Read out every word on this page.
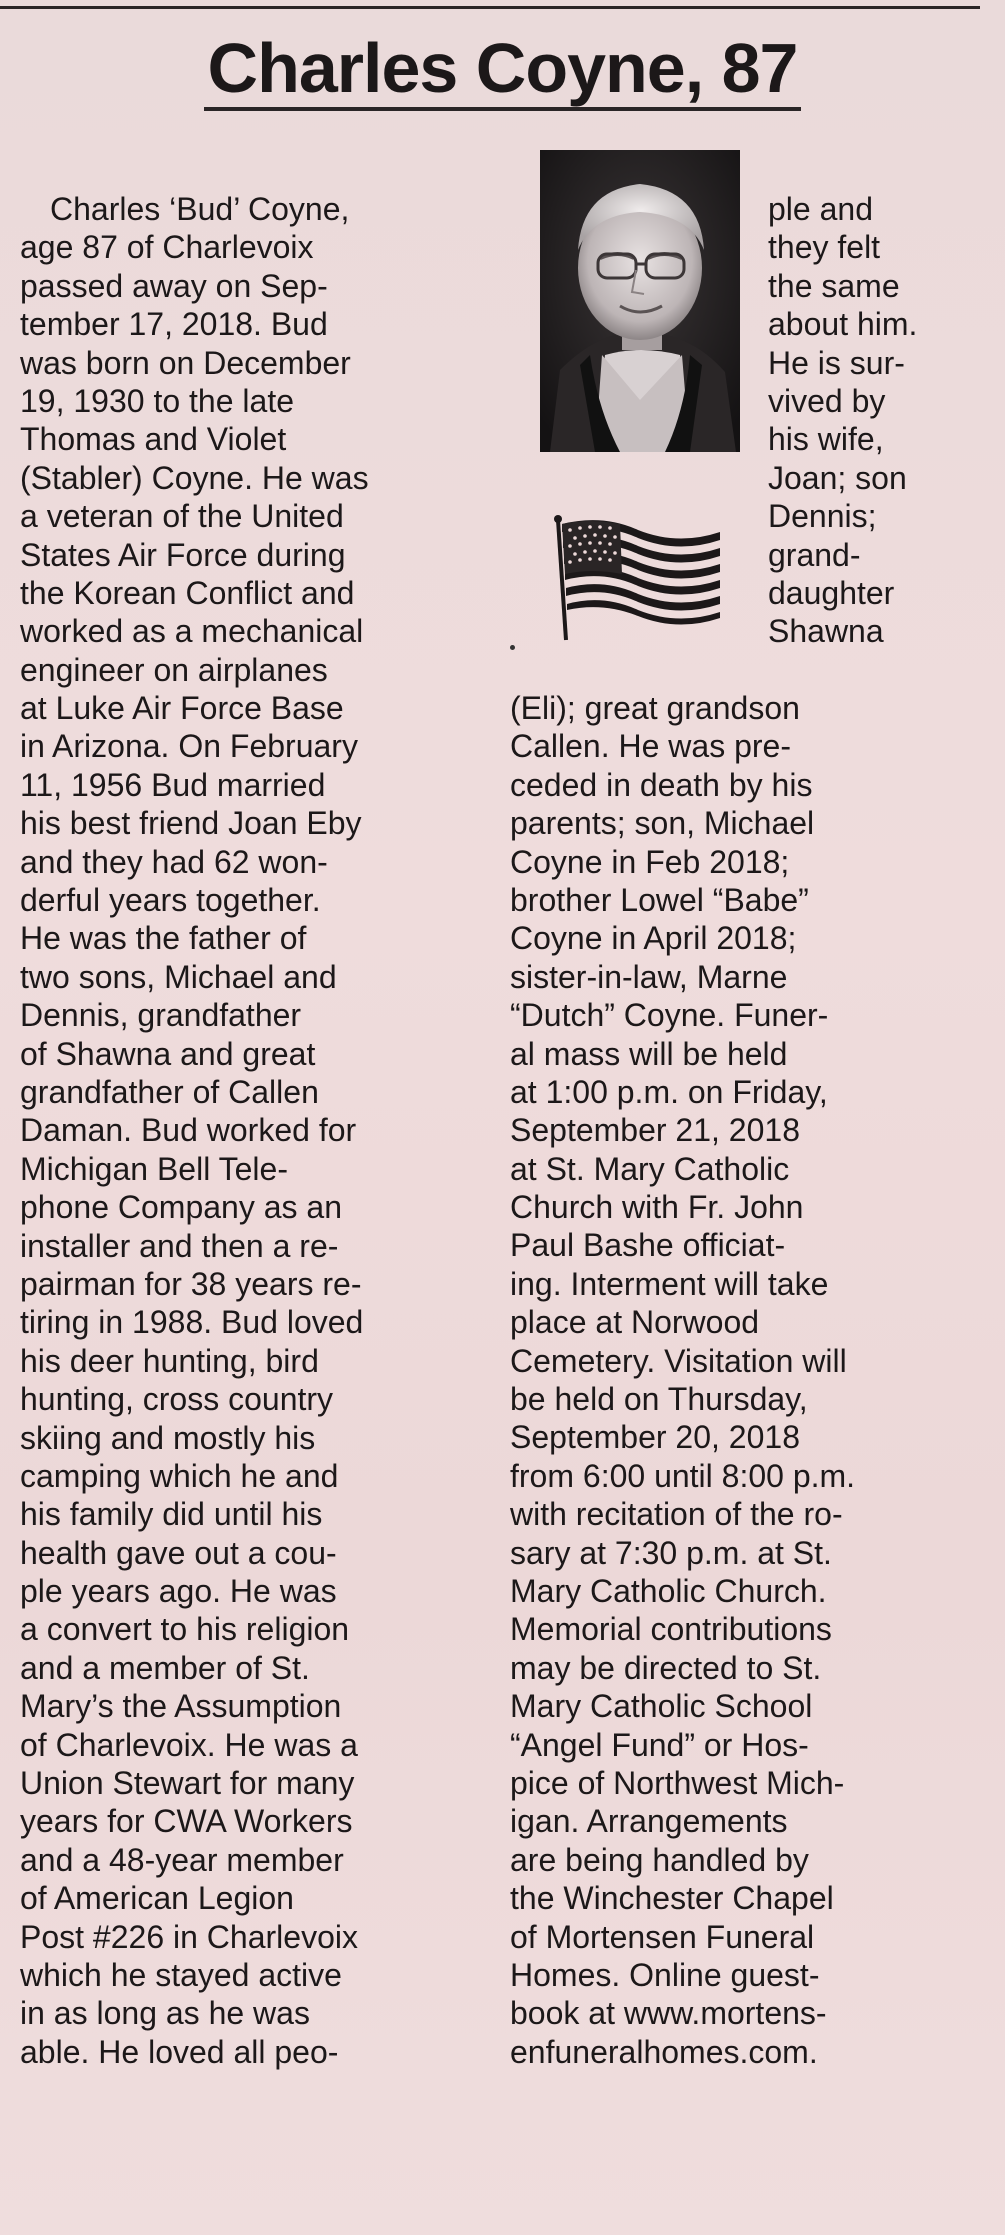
Charles Coyne, 87
Charles ‘Bud’ Coyne,
age 87 of Charlevoix
passed away on Sep-
tember 17, 2018. Bud
was born on December
19, 1930 to the late
Thomas and Violet
(Stabler) Coyne. He was
a veteran of the United
States Air Force during
the Korean Conflict and
worked as a mechanical
engineer on airplanes
at Luke Air Force Base
in Arizona. On February
11, 1956 Bud married
his best friend Joan Eby
and they had 62 won-
derful years together.
He was the father of
two sons, Michael and
Dennis, grandfather
of Shawna and great
grandfather of Callen
Daman. Bud worked for
Michigan Bell Tele-
phone Company as an
installer and then a re-
pairman for 38 years re-
tiring in 1988. Bud loved
his deer hunting, bird
hunting, cross country
skiing and mostly his
camping which he and
his family did until his
health gave out a cou-
ple years ago. He was
a convert to his religion
and a member of St.
Mary’s the Assumption
of Charlevoix. He was a
Union Stewart for many
years for CWA Workers
and a 48-year member
of American Legion
Post #226 in Charlevoix
which he stayed active
in as long as he was
able. He loved all peo-
ple and
they felt
the same
about him.
He is sur-
vived by
his wife,
Joan; son
Dennis;
grand-
daughter
Shawna
(Eli); great grandson
Callen. He was pre-
ceded in death by his
parents; son, Michael
Coyne in Feb 2018;
brother Lowel “Babe”
Coyne in April 2018;
sister-in-law, Marne
“Dutch” Coyne. Funer-
al mass will be held
at 1:00 p.m. on Friday,
September 21, 2018
at St. Mary Catholic
Church with Fr. John
Paul Bashe officiat-
ing. Interment will take
place at Norwood
Cemetery. Visitation will
be held on Thursday,
September 20, 2018
from 6:00 until 8:00 p.m.
with recitation of the ro-
sary at 7:30 p.m. at St.
Mary Catholic Church.
Memorial contributions
may be directed to St.
Mary Catholic School
“Angel Fund” or Hos-
pice of Northwest Mich-
igan. Arrangements
are being handled by
the Winchester Chapel
of Mortensen Funeral
Homes. Online guest-
book at www.mortens-
enfuneralhomes.com.
